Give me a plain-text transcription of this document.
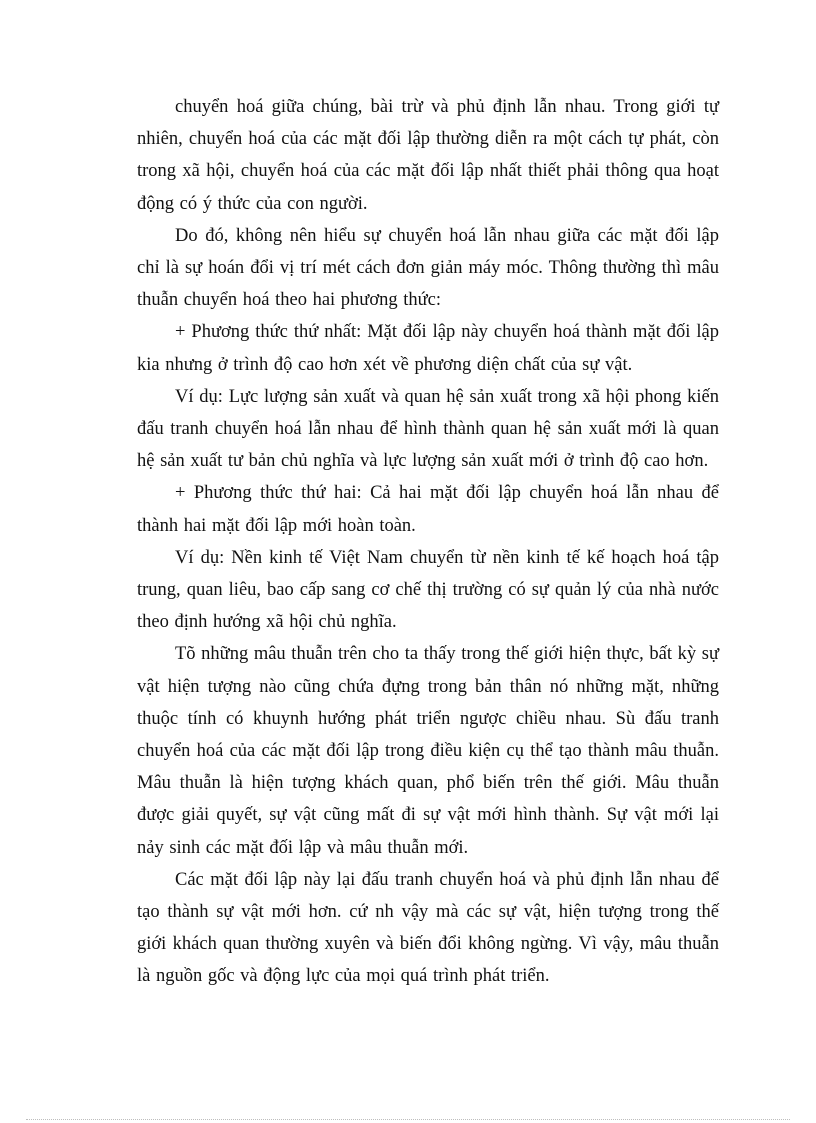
chuyển hoá giữa chúng, bài trừ và phủ định lẫn nhau. Trong giới tự nhiên, chuyển hoá của các mặt đối lập thường diễn ra một cách tự phát, còn trong xã hội, chuyển hoá của các mặt đối lập nhất thiết phải thông qua hoạt động có ý thức của con người.

Do đó, không nên hiểu sự chuyển hoá lẫn nhau giữa các mặt đối lập chỉ là sự hoán đổi vị trí mét cách đơn giản máy móc. Thông thường thì mâu thuẫn chuyển hoá theo hai phương thức:

+ Phương thức thứ nhất: Mặt đối lập này chuyển hoá thành mặt đối lập kia nhưng ở trình độ cao hơn xét về phương diện chất của sự vật.

Ví dụ: Lực lượng sản xuất và quan hệ sản xuất trong xã hội phong kiến đấu tranh chuyển hoá lẫn nhau để hình thành quan hệ sản xuất mới là quan hệ sản xuất tư bản chủ nghĩa và lực lượng sản xuất mới ở trình độ cao hơn.

+ Phương thức thứ hai: Cả hai mặt đối lập chuyển hoá lẫn nhau để thành hai mặt đối lập mới hoàn toàn.

Ví dụ: Nền kinh tế Việt Nam chuyển từ nền kinh tế kế hoạch hoá tập trung, quan liêu, bao cấp sang cơ chế thị trường có sự quản lý của nhà nước theo định hướng xã hội chủ nghĩa.

Tõ những mâu thuẫn trên cho ta thấy trong thế giới hiện thực, bất kỳ sự vật hiện tượng nào cũng chứa đựng trong bản thân nó những mặt, những thuộc tính có khuynh hướng phát triển ngược chiều nhau. Sù đấu tranh chuyển hoá của các mặt đối lập trong điều kiện cụ thể tạo thành mâu thuẫn. Mâu thuẫn là hiện tượng khách quan, phổ biến trên thế giới. Mâu thuẫn được giải quyết, sự vật cũng mất đi sự vật mới hình thành. Sự vật mới lại nảy sinh các mặt đối lập và mâu thuẫn mới.

Các mặt đối lập này lại đấu tranh chuyển hoá và phủ định lẫn nhau để tạo thành sự vật mới hơn. cứ nh vậy mà các sự vật, hiện tượng trong thế giới khách quan thường xuyên và biến đổi không ngừng. Vì vậy, mâu thuẫn là nguồn gốc và động lực của mọi quá trình phát triển.
